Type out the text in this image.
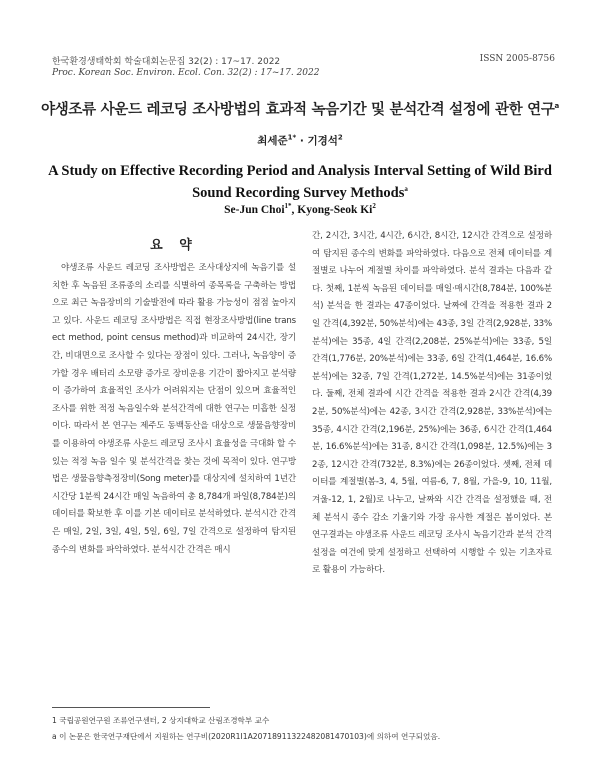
한국환경생태학회 학술대회논문집 32(2) : 17~17. 2022
Proc. Korean Soc. Environ. Ecol. Con. 32(2) : 17~17. 2022
ISSN 2005-8756
야생조류 사운드 레코딩 조사방법의 효과적 녹음기간 및 분석간격 설정에 관한 연구$^a$
최세준$^{1*}$ · 기경석$^2$
A Study on Effective Recording Period and Analysis Interval Setting of Wild Bird Sound Recording Survey Methods$^a$
Se-Jun Choi$^{1*}$, Kyong-Seok Ki$^2$
요 약
야생조류 사운드 레코딩 조사방법은 조사대상지에 녹음기를 설치한 후 녹음된 조류종의 소리를 식별하여 종목록을 구축하는 방법으로 최근 녹음장비의 기술발전에 따라 활용 가능성이 점점 높아지고 있다. 사운드 레코딩 조사방법은 직접 현장조사방법(line transect method, point census method)과 비교하여 24시간, 장기간, 비대면으로 조사할 수 있다는 장점이 있다. 그러나, 녹음양이 증가할 경우 배터리 소모량 증가로 장비운용 기간이 짧아지고 분석량이 증가하여 효율적인 조사가 어려워지는 단점이 있으며 효율적인 조사를 위한 적정 녹음일수와 분석간격에 대한 연구는 미흡한 실정이다. 따라서 본 연구는 제주도 동백동산을 대상으로 생물음향장비를 이용하여 야생조류 사운드 레코딩 조사시 효율성을 극대화 할 수 있는 적정 녹음 일수 및 분석간격을 찾는 것에 목적이 있다. 연구방법은 생물음향측정장비(Song meter)를 대상지에 설치하여 1년간 시간당 1분씩 24시간 매일 녹음하여 총 8,784개 파일(8,784분)의 데이터를 확보한 후 이를 기본 데이터로 분석하였다. 분석시간 간격은 매일, 2일, 3일, 4일, 5일, 6일, 7일 간격으로 설정하여 탐지된 종수의 변화를 파악하였다. 분석시간 간격은 매시
간, 2시간, 3시간, 4시간, 6시간, 8시간, 12시간 간격으로 설정하여 탐지된 종수의 변화를 파악하였다. 다음으로 전체 데이터를 계절별로 나누어 계절별 차이를 파악하였다. 분석 결과는 다음과 같다. 첫째, 1분씩 녹음된 데이터를 매일·매시간(8,784분, 100%분석) 분석을 한 결과는 47종이었다. 날짜에 간격을 적용한 결과 2일 간격(4,392분, 50%분석)에는 43종, 3일 간격(2,928분, 33%분석)에는 35종, 4일 간격(2,208분, 25%분석)에는 33종, 5일 간격(1,776분, 20%분석)에는 33종, 6일 간격(1,464분, 16.6%분석)에는 32종, 7일 간격(1,272분, 14.5%분석)에는 31종이었다. 둘째, 전체 결과에 시간 간격을 적용한 결과 2시간 간격(4,392분, 50%분석)에는 42종, 3시간 간격(2,928분, 33%분석)에는 35종, 4시간 간격(2,196분, 25%)에는 36종, 6시간 간격(1,464분, 16.6%분석)에는 31종, 8시간 간격(1,098분, 12.5%)에는 32종, 12시간 간격(732분, 8.3%)에는 26종이었다. 셋째, 전체 데이터를 계절별(봄-3, 4, 5월, 여름-6, 7, 8월, 가을-9, 10, 11월, 겨울-12, 1, 2월)로 나누고, 날짜와 시간 간격을 설정했을 때, 전체 분석시 종수 감소 기울기와 가장 유사한 계절은 봄이었다. 본 연구결과는 야생조류 사운드 레코딩 조사시 녹음기간과 분석 간격 설정을 여건에 맞게 설정하고 선택하여 시행할 수 있는 기초자료로 활용이 가능하다.
1 국립공원연구원 조류연구센터, 2 상지대학교 산림조경학부 교수
a 이 논문은 한국연구재단에서 지원하는 연구비(2020R1I1A2071891132248208147010​3)에 의하여 연구되었음.
